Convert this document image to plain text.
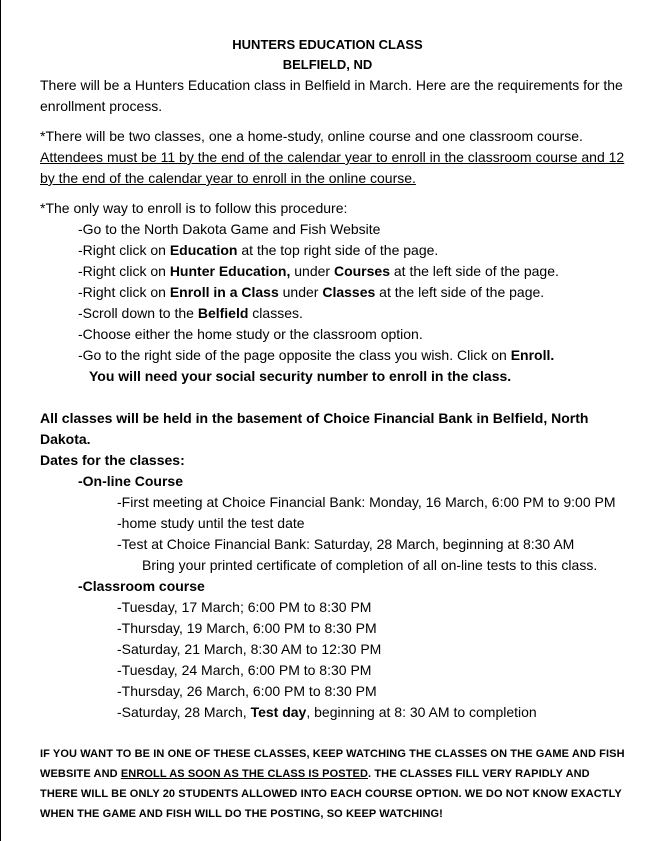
HUNTERS EDUCATION CLASS
BELFIELD, ND

There will be a Hunters Education class in Belfield in March. Here are the requirements for the enrollment process.

*There will be two classes, one a home-study, online course and one classroom course.

Attendees must be 11 by the end of the calendar year to enroll in the classroom course and 12

by the end of the calendar year to enroll in the online course.

*The only way to enroll is to follow this procedure:

-Go to the North Dakota Game and Fish Website

-Right click on Education at the top right side of the page.

-Right click on Hunter Education, under Courses at the left side of the page.

-Right click on Enroll in a Class under Classes at the left side of the page.

-Scroll down to the Belfield classes.

-Choose either the home study or the classroom option.

-Go to the right side of the page opposite the class you wish. Click on Enroll.

You will need your social security number to enroll in the class.

All classes will be held in the basement of Choice Financial Bank in Belfield, North Dakota.

Dates for the classes:

-On-line Course

-First meeting at Choice Financial Bank: Monday, 16 March, 6:00 PM to 9:00 PM

-home study until the test date

-Test at Choice Financial Bank: Saturday, 28 March, beginning at 8:30 AM

Bring your printed certificate of completion of all on-line tests to this class.

-Classroom course

-Tuesday, 17 March; 6:00 PM to 8:30 PM

-Thursday, 19 March, 6:00 PM to 8:30 PM

-Saturday, 21 March, 8:30 AM to 12:30 PM

-Tuesday, 24 March, 6:00 PM to 8:30 PM

-Thursday, 26 March, 6:00 PM to 8:30 PM

-Saturday, 28 March, Test day, beginning at 8: 30 AM to completion

IF YOU WANT TO BE IN ONE OF THESE CLASSES, KEEP WATCHING THE CLASSES ON THE GAME AND FISH WEBSITE AND ENROLL AS SOON AS THE CLASS IS POSTED. THE CLASSES FILL VERY RAPIDLY AND THERE WILL BE ONLY 20 STUDENTS ALLOWED INTO EACH COURSE OPTION. WE DO NOT KNOW EXACTLY WHEN THE GAME AND FISH WILL DO THE POSTING, SO KEEP WATCHING!
